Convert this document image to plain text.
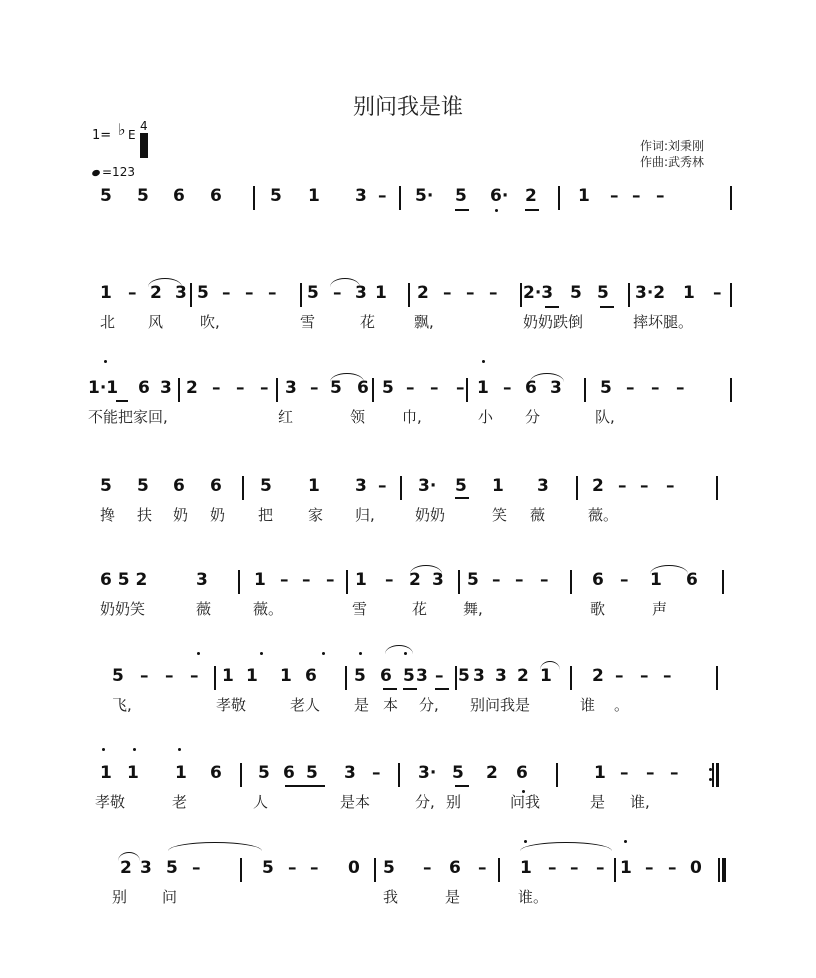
别问我是谁
1= ♭ E
4
=123
作词:刘秉刚
作曲:武秀林
5 5 6 6	5 1 3 – 5· 5 6· 2 1 – – –
1 – 2 3 5 – – – 5 – 3 1 2 – – – 2·3 5 5 3·2 1 –
北 风 吹,	雪	花	飘,	奶奶跌倒	摔坏腿。
1·1 6 3 2 – – – 3 – 5 6 5 – – – 1 – 6 3 5 – – –
不能把家回,	红	领 巾,	小 分	队,
5 5 6 6 5 1 3 – 3· 5 1 3	2 – – –
搀 扶 奶 奶 把 家 归,	奶奶	笑 薇	薇。
6 5 2	3	1 – – – 1 – 2 3 5 – – –	6 – 1 6
奶奶笑	薇	薇。	雪	花 舞,	歌	声
5 – – – 1 1 1 6 5 6 5 3 – 5 3 3 2 1 2 – – –
飞,	孝敬	老人 是 本 分, 别问我是	谁 。
1 1 1 6 5 6 5 3 – 3· 5 2 6	1 – – –
孝敬	老	人	是本	分, 别	问我	是 谁,
2 3 5 –	5 – – 0 5 – 6 – 1 – – – 1 – – 0
别 问	我	是	谁。
